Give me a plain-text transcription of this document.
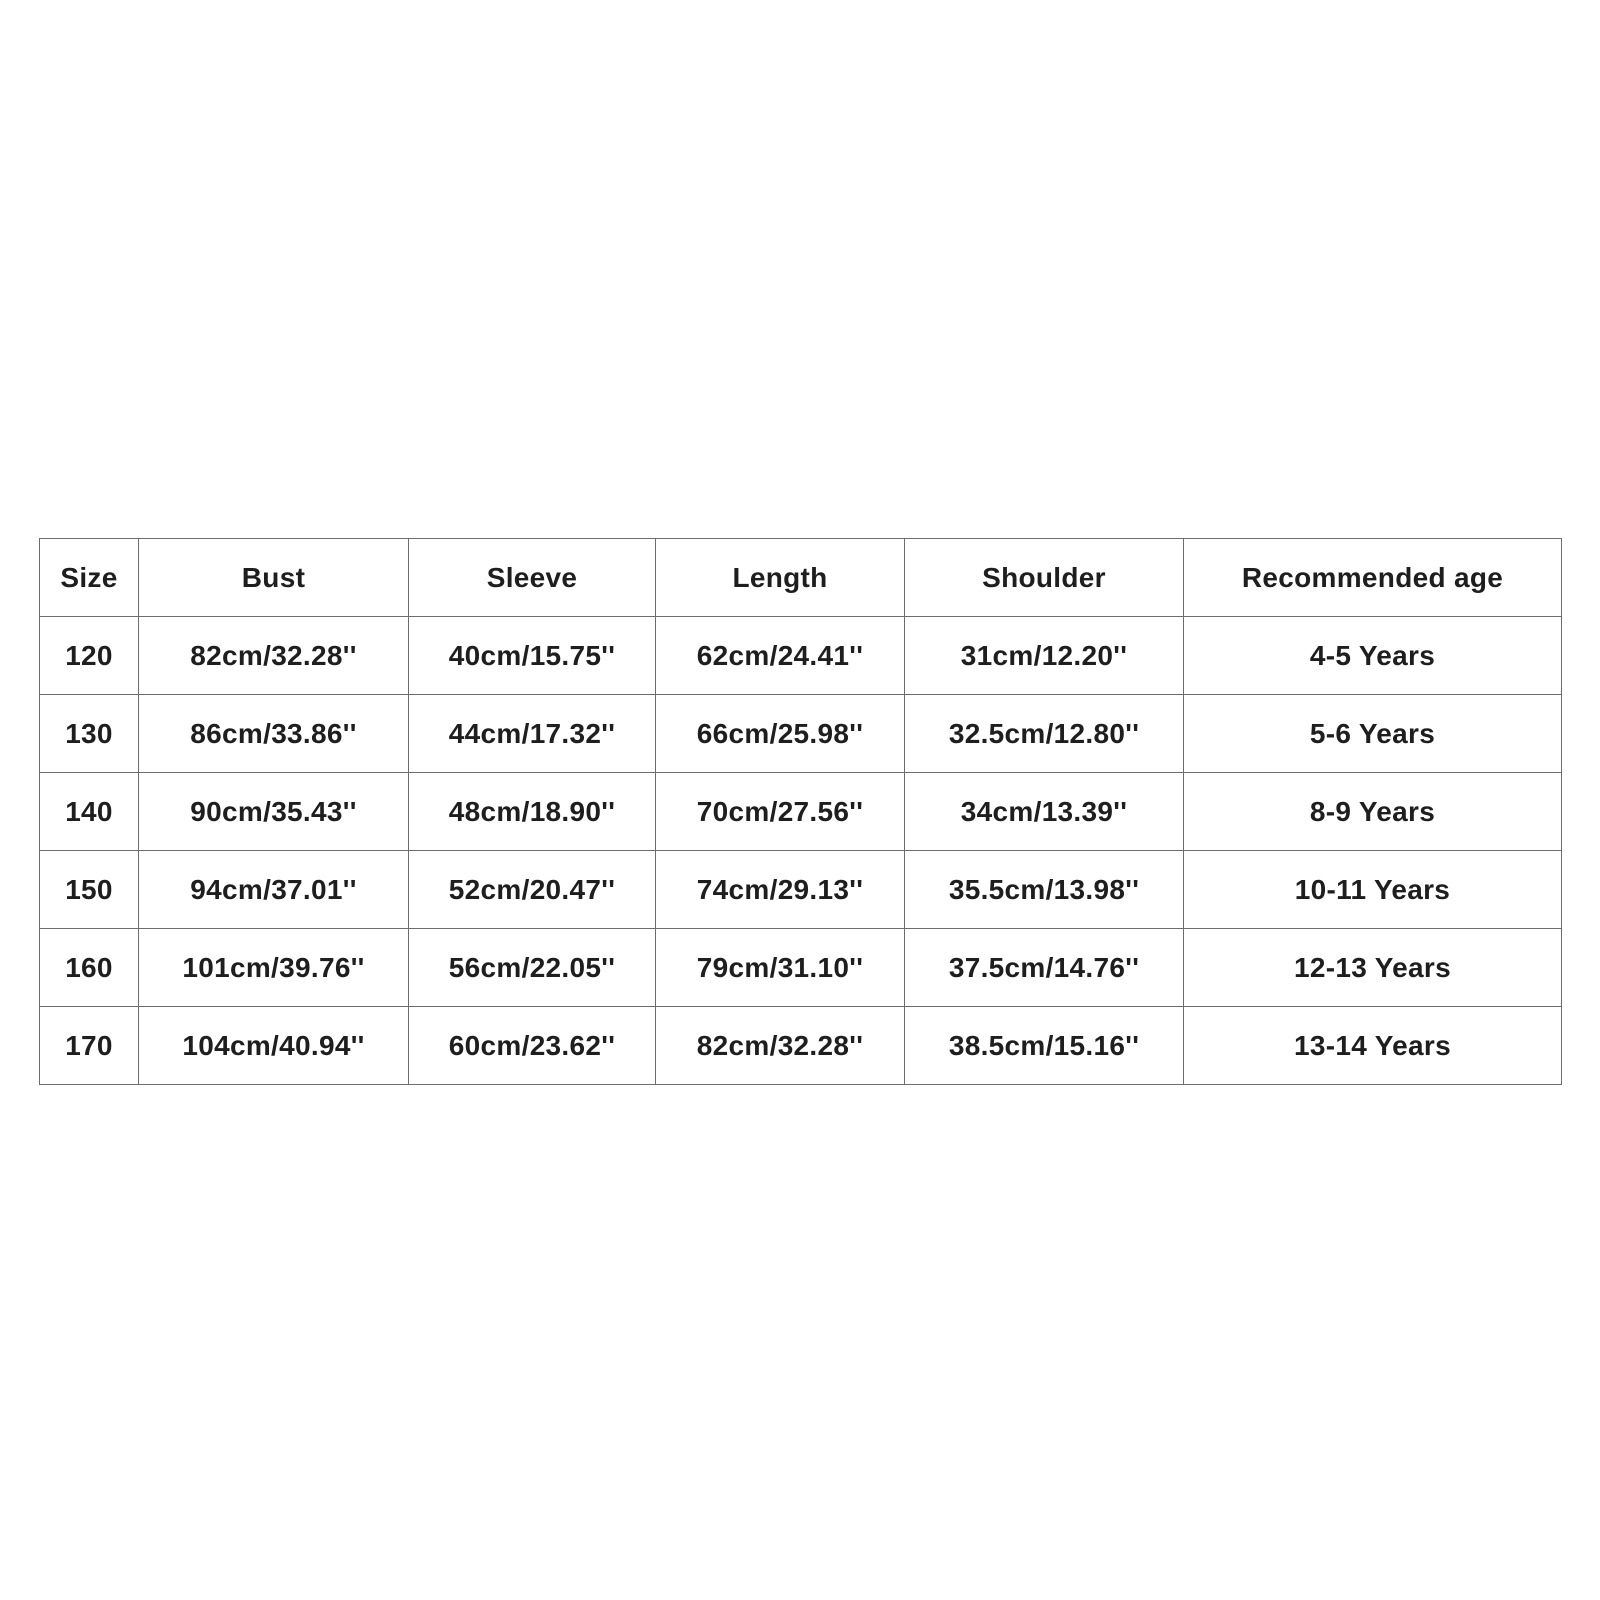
Size	Bust	Sleeve	Length	Shoulder	Recommended age
120	82cm/32.28''	40cm/15.75''	62cm/24.41''	31cm/12.20''	4-5 Years
130	86cm/33.86''	44cm/17.32''	66cm/25.98''	32.5cm/12.80''	5-6 Years
140	90cm/35.43''	48cm/18.90''	70cm/27.56''	34cm/13.39''	8-9 Years
150	94cm/37.01''	52cm/20.47''	74cm/29.13''	35.5cm/13.98''	10-11 Years
160	101cm/39.76''	56cm/22.05''	79cm/31.10''	37.5cm/14.76''	12-13 Years
170	104cm/40.94''	60cm/23.62''	82cm/32.28''	38.5cm/15.16''	13-14 Years
